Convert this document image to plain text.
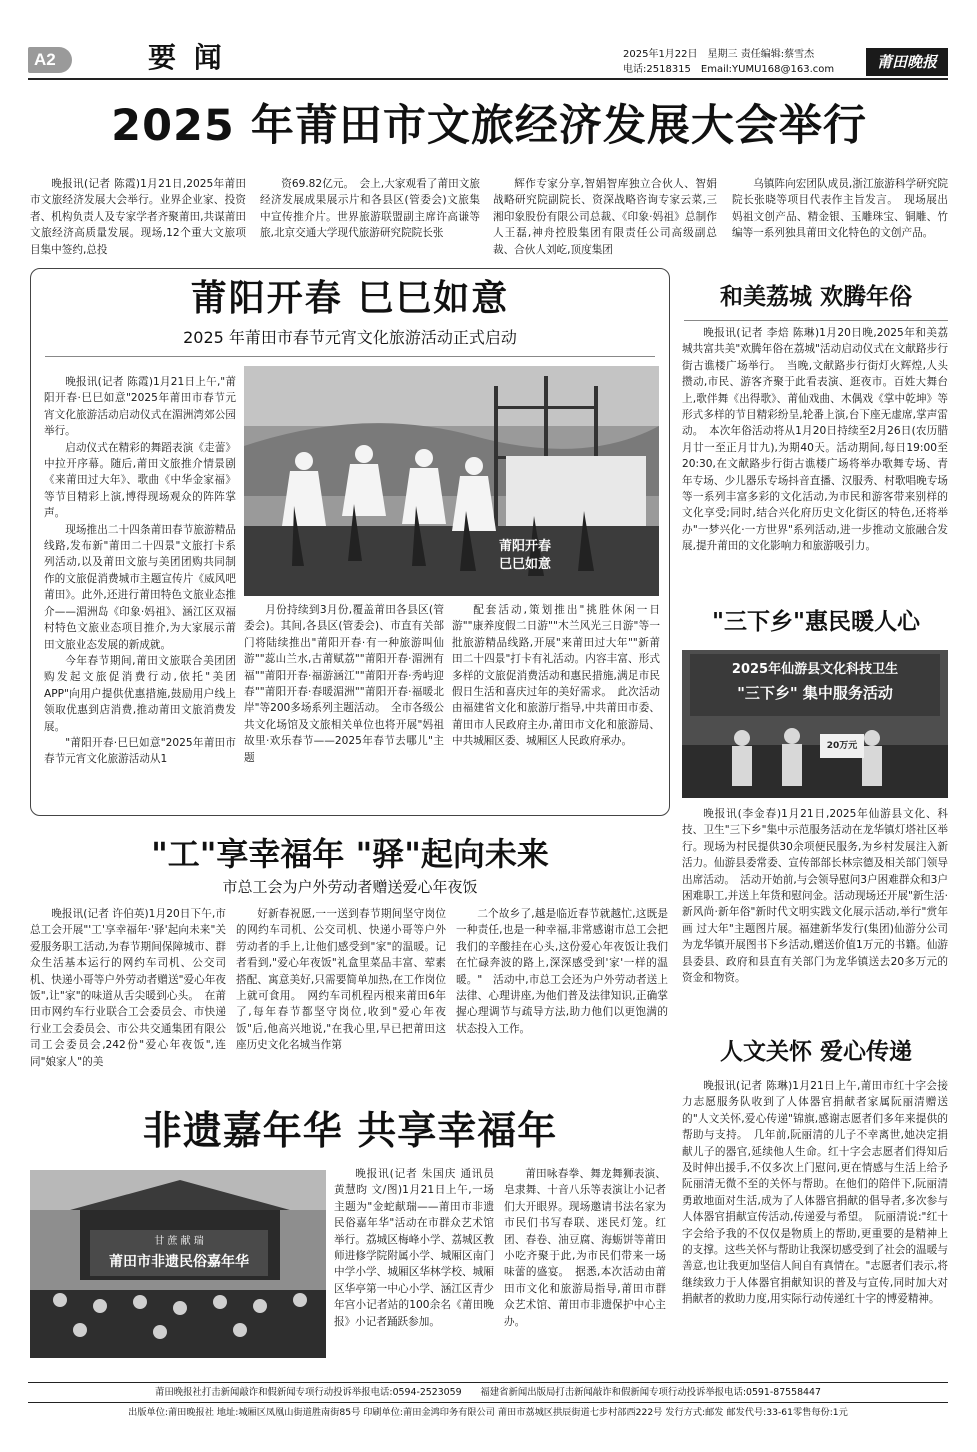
A2	要 闻	2025年1月22日　星期三 责任编辑:蔡雪杰
电话:2518315　Email:YUMU168@163.com	莆田晚报
2025 年莆田市文旅经济发展大会举行

晚报讯(记者 陈霞)1月21日,2025年莆田市文旅经济发展大会举行。业界企业家、投资者、机构负责人及专家学者齐聚莆田,共谋莆田文旅经济高质量发展。现场,12个重大文旅项目集中签约,总投

资69.82亿元。　会上,大家观看了莆田文旅经济发展成果展示片和各县区(管委会)文旅集中宣传推介片。世界旅游联盟副主席许高谦等旅,北京交通大学现代旅游研究院院长张

辉作专家分享,智娟智库独立合伙人、智娟战略研究院副院长、资深战略咨询专家云菜,三湘印象股份有限公司总裁、《印象·妈祖》总制作人王磊,神舟控股集团有限责任公司高级副总裁、合伙人刘屹,顶度集团

乌镇阵向宏团队成员,浙江旅游科学研究院院长张晓等项目代表作主旨发言。　现场展出妈祖文创产品、精金银、玉雕珠宝、铜雕、竹编等一系列独具莆田文化特色的文创产品。

莆阳开春 巳巳如意
2025 年莆田市春节元宵文化旅游活动正式启动

晚报讯(记者 陈霞)1月21日上午,"莆阳开春·巳巳如意"2025年莆田市春节元宵文化旅游活动启动仪式在湄洲湾郊公园举行。

启动仪式在精彩的舞蹈表演《走蕾》中拉开序幕。随后,莆田文旅推介情景剧《来莆田过大年》、歌曲《中华金家福》等节目精彩上演,博得现场观众的阵阵掌声。

现场推出二十四条莆田春节旅游精品线路,发布新"莆田二十四景"文旅打卡系列活动,以及莆田文旅与美团团购共同制作的文旅促消费城市主题宣传片《威风吧莆田》。此外,还进行莆田特色文旅业态推介——湄洲岛《印象·妈祖》、涵江区双福村特色文旅业态项目推介,为大家展示莆田文旅业态发展的新成就。

今年春节期间,莆田文旅联合美团团购发起文旅促消费行动,依托"美团APP"向用户提供优惠措施,鼓励用户线上领取优惠到店消费,推动莆田文旅消费发展。

"莆阳开春·巳巳如意"2025年莆田市春节元宵文化旅游活动从1

莆阳开春
巳巳如意

月份持续到3月份,覆盖莆田各县区(管委会)。其间,各县区(管委会)、市直有关部门将陆续推出"莆阳开春·有一种旅游叫仙游""蕊山兰水,古莆赋荔""莆阳开春·湄洲有福""莆阳开春·福游涵江""莆阳开春·秀屿迎春""莆阳开春·春暖湄洲""莆阳开春·福暖北岸"等200多场系列主题活动。　全市各级公共文化场馆及文旅相关单位也将开展"妈祖故里·欢乐春节——2025年春节去哪儿"主题

配套活动,策划推出"挑胜休闲一日游""康养度假二日游""木兰风光三日游"等一批旅游精品线路,开展"来莆田过大年""新莆田二十四景"打卡有礼活动。内容丰富、形式多样的文旅促消费活动和惠民措施,满足市民假日生活和喜庆过年的美好需求。　此次活动由福建省文化和旅游厅指导,中共莆田市委、莆田市人民政府主办,莆田市文化和旅游局、中共城厢区委、城厢区人民政府承办。

和美荔城 欢腾年俗

晚报讯(记者 李焙 陈琳)1月20日晚,2025年和美荔城共富共美"欢腾年俗在荔城"活动启动仪式在文献路步行街古谯楼广场举行。　当晚,文献路步行街灯火辉煌,人头攒动,市民、游客齐聚于此看表演、逛夜市。百姓大舞台上,歌伴舞《出得歌》、莆仙戏曲、木偶戏《掌中乾坤》等形式多样的节目精彩纷呈,轮番上演,台下座无虚席,掌声雷动。　本次年俗活动将从1月20日持续至2月26日(农历腊月廿一至正月廿九),为期40天。活动期间,每日19:00至20:30,在文献路步行街古谯楼广场将举办歌舞专场、青年专场、少儿器乐专场抖音直播、汉服秀、村歌唱晚专场等一系列丰富多彩的文化活动,为市民和游客带来别样的文化享受;同时,结合兴化府历史文化街区的特色,还将举办"一梦兴化·一方世界"系列活动,进一步推动文旅融合发展,提升莆田的文化影响力和旅游吸引力。

"三下乡"惠民暖人心
2025年仙游县文化科技卫生
"三下乡" 集中服务活动
20万元

晚报讯(李金春)1月21日,2025年仙游县文化、科技、卫生"三下乡"集中示范服务活动在龙华镇灯塔社区举行。现场为村民提供30余项便民服务,为乡村发展注入新活力。仙游县委常委、宣传部部长林宗德及相关部门领导出席活动。　活动开始前,与会领导慰问3户困难群众和3户困难职工,并送上年货和慰问金。活动现场还开展"新生活·新风尚·新年俗"新时代文明实践文化展示活动,举行"赏年画 过大年"主题图片展。福建新华发行(集团)仙游分公司为龙华镇开展图书下乡活动,赠送价值1万元的书籍。仙游县委县、政府和县直有关部门为龙华镇送去20多万元的资金和物资。

人文关怀 爱心传递

晚报讯(记者 陈琳)1月21日上午,莆田市红十字会接力志愿服务队收到了人体器官捐献者家属阮丽清赠送的"人文关怀,爱心传递"锦旗,感谢志愿者们多年来提供的帮助与支持。　几年前,阮丽清的儿子不幸离世,她决定捐献儿子的器官,延续他人生命。红十字会志愿者们得知后及时伸出援手,不仅多次上门慰问,更在情感与生活上给予阮丽清无微不至的关怀与帮助。在他们的陪伴下,阮丽清勇敢地面对生活,成为了人体器官捐献的倡导者,多次参与人体器官捐献宣传活动,传递爱与希望。　阮丽清说:"红十字会给予我的不仅仅是物质上的帮助,更重要的是精神上的支撑。这些关怀与帮助让我深切感受到了社会的温暖与善意,也让我更加坚信人间自有真情在。"志愿者们表示,将继续致力于人体器官捐献知识的普及与宣传,同时加大对捐献者的救助力度,用实际行动传递红十字的博爱精神。

"工"享幸福年 "驿"起向未来
市总工会为户外劳动者赠送爱心年夜饭

晚报讯(记者 许伯英)1月20日下午,市总工会开展"'工'享幸福年·'驿'起向未来"关爱服务职工活动,为春节期间保障城市、群众生活基本运行的网约车司机、公交司机、快递小哥等户外劳动者赠送"爱心年夜饭",让"家"的味道从舌尖暖到心头。　在莆田市网约车行业联合工会委员会、市快递行业工会委员会、市公共交通集团有限公司工会委员会,242份"爱心年夜饭",连同"娘家人"的美

好新春祝愿,一一送到春节期间坚守岗位的网约车司机、公交司机、快递小哥等户外劳动者的手上,让他们感受到"家"的温暖。记者看到,"爱心年夜饭"礼盒里菜品丰富、荤素搭配、寓意美好,只需要简单加热,在工作岗位上就可食用。　网约车司机程丙根来莆田6年了,每年春节都坚守岗位,收到"爱心年夜饭"后,他高兴地说,"在我心里,早已把莆田这座历史文化名城当作第

二个故乡了,越是临近春节就越忙,这既是一种责任,也是一种幸福,非常感谢市总工会把我们的辛酸挂在心头,这份爱心年夜饭让我们在忙碌奔波的路上,深深感受到'家'一样的温暖。"　活动中,市总工会还为户外劳动者送上法律、心理讲座,为他们普及法律知识,正确掌握心理调节与疏导方法,助力他们以更饱满的状态投入工作。

非遗嘉年华 共享幸福年
甘 蔗 献 瑞
莆田市非遗民俗嘉年华

晚报讯(记者 朱国庆 通讯员 黄慧昀 文/图)1月21日上午,一场主题为"金蛇献瑞——莆田市非遗民俗嘉年华"活动在市群众艺术馆举行。荔城区梅峰小学、荔城区教师进修学院附属小学、城厢区南门中学小学、城厢区华林学校、城厢区华亭第一中心小学、涵江区青少年宫小记者站的100余名《莆田晚报》小记者踊跃参加。

莆田咏春拳、舞龙舞狮表演、皂隶舞、十音八乐等表演让小记者们大开眼界。现场邀请书法名家为市民们书写春联、迷民灯笼。红团、春卷、油豆腐、海蛎饼等莆田小吃齐聚于此,为市民们带来一场味蕾的盛宴。　据悉,本次活动由莆田市文化和旅游局指导,莆田市群众艺术馆、莆田市非遗保护中心主办。

莆田晚报社打击新闻敲诈和假新闻专项行动投诉举报电话:0594-2523059　　福建省新闻出版局打击新闻敲诈和假新闻专项行动投诉举报电话:0591-87558447
出版单位:莆田晚报社 地址:城厢区凤凰山街道胜南街85号 印刷单位:莆田金鸿印务有限公司 莆田市荔城区拱辰街道七步村部西222号 发行方式:邮发 邮发代号:33-61零售每份:1元
